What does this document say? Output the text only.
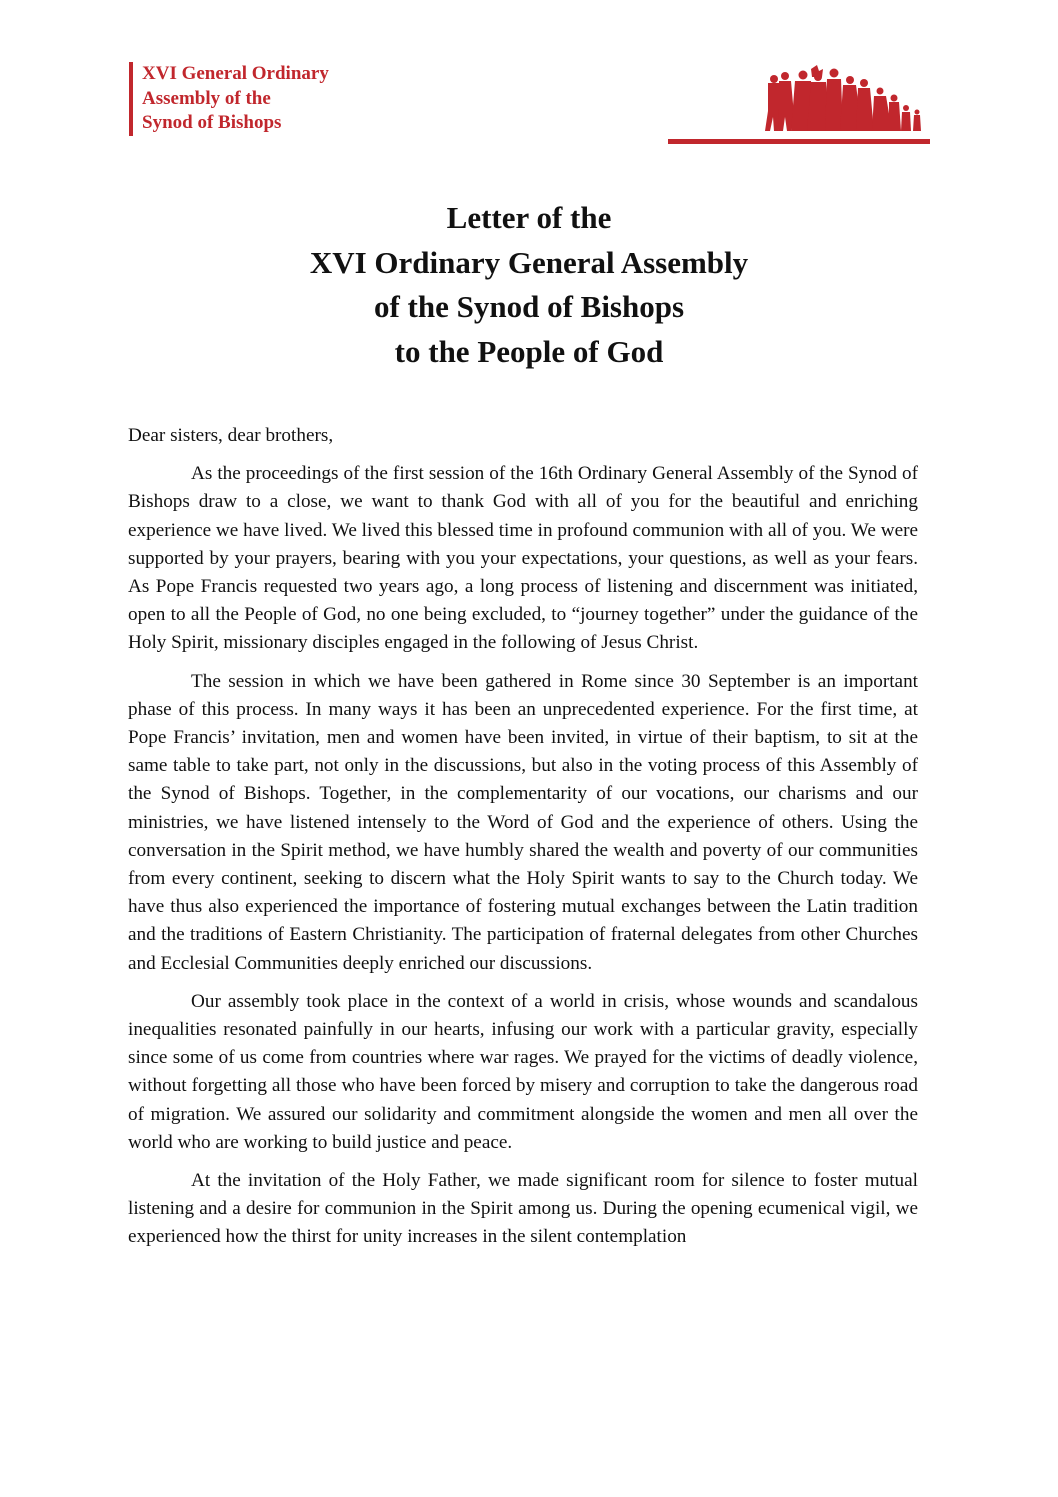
XVI General Ordinary
Assembly of the
Synod of Bishops
Letter of the
XVI Ordinary General Assembly
of the Synod of Bishops
to the People of God

Dear sisters, dear brothers,

As the proceedings of the first session of the 16th Ordinary General Assembly of the Synod of Bishops draw to a close, we want to thank God with all of you for the beautiful and enriching experience we have lived. We lived this blessed time in profound communion with all of you. We were supported by your prayers, bearing with you your expectations, your questions, as well as your fears. As Pope Francis requested two years ago, a long process of listening and discernment was initiated, open to all the People of God, no one being excluded, to “journey together” under the guidance of the Holy Spirit, missionary disciples engaged in the following of Jesus Christ.

The session in which we have been gathered in Rome since 30 September is an important phase of this process. In many ways it has been an unprecedented experience. For the first time, at Pope Francis’ invitation, men and women have been invited, in virtue of their baptism, to sit at the same table to take part, not only in the discussions, but also in the voting process of this Assembly of the Synod of Bishops. Together, in the complementarity of our vocations, our charisms and our ministries, we have listened intensely to the Word of God and the experience of others. Using the conversation in the Spirit method, we have humbly shared the wealth and poverty of our communities from every continent, seeking to discern what the Holy Spirit wants to say to the Church today. We have thus also experienced the importance of fostering mutual exchanges between the Latin tradition and the traditions of Eastern Christianity. The participation of fraternal delegates from other Churches and Ecclesial Communities deeply enriched our discussions.

Our assembly took place in the context of a world in crisis, whose wounds and scandalous inequalities resonated painfully in our hearts, infusing our work with a particular gravity, especially since some of us come from countries where war rages. We prayed for the victims of deadly violence, without forgetting all those who have been forced by misery and corruption to take the dangerous road of migration. We assured our solidarity and commitment alongside the women and men all over the world who are working to build justice and peace.

At the invitation of the Holy Father, we made significant room for silence to foster mutual listening and a desire for communion in the Spirit among us. During the opening ecumenical vigil, we experienced how the thirst for unity increases in the silent contemplation
